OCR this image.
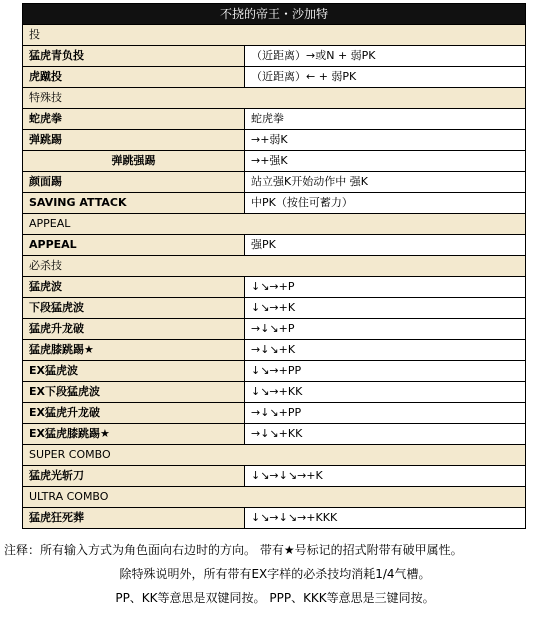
不挠的帝王・沙加特	
投	
猛虎青负投	（近距离）→或N + 弱PK
虎蹴投	（近距离）← + 弱PK
特殊技	
蛇虎拳	蛇虎拳
弹跳踢	→+弱K
弹跳强踢	→+强K
颜面踢	站立强K开始动作中 强K
SAVING ATTACK	中PK（按住可蓄力）
APPEAL	
APPEAL	强PK
必杀技	
猛虎波	↓↘→+P
下段猛虎波	↓↘→+K
猛虎升龙破	→↓↘+P
猛虎膝跳踢★	→↓↘+K
EX猛虎波	↓↘→+PP
EX下段猛虎波	↓↘→+KK
EX猛虎升龙破	→↓↘+PP
EX猛虎膝跳踢★	→↓↘+KK
SUPER COMBO	
猛虎光斩刀	↓↘→↓↘→+K
ULTRA COMBO	
猛虎狂死葬	↓↘→↓↘→+KKK
注释：所有输入方式为角色面向右边时的方向。 带有★号标记的招式附带有破甲属性。
除特殊说明外，所有带有EX字样的必杀技均消耗1/4气槽。
PP、KK等意思是双键同按。 PPP、KKK等意思是三键同按。
